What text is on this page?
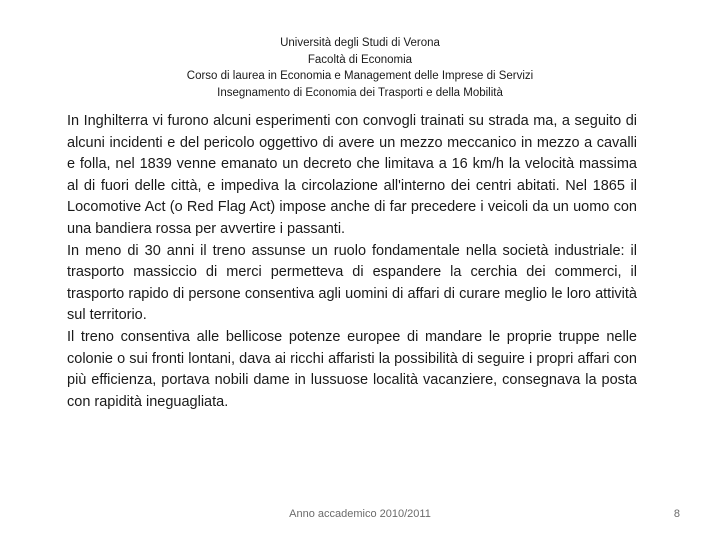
Università degli Studi di Verona
Facoltà di Economia
Corso di laurea in Economia e Management delle Imprese di Servizi
Insegnamento di Economia dei Trasporti e della Mobilità

In Inghilterra vi furono alcuni esperimenti con convogli trainati su strada ma, a seguito di alcuni incidenti e del pericolo oggettivo di avere un mezzo meccanico in mezzo a cavalli e folla, nel 1839 venne emanato un decreto che limitava a 16 km/h la velocità massima al di fuori delle città, e impediva la circolazione all'interno dei centri abitati. Nel 1865 il Locomotive Act (o Red Flag Act) impose anche di far precedere i veicoli da un uomo con una bandiera rossa per avvertire i passanti.

In meno di 30 anni il treno assunse un ruolo fondamentale nella società industriale: il trasporto massiccio di merci permetteva di espandere la cerchia dei commerci, il trasporto rapido di persone consentiva agli uomini di affari di curare meglio le loro attività sul territorio.

Il treno consentiva alle bellicose potenze europee di mandare le proprie truppe nelle colonie o sui fronti lontani, dava ai ricchi affaristi la possibilità di seguire i propri affari con più efficienza, portava nobili dame in lussuose località vacanziere, consegnava la posta con rapidità ineguagliata.

Anno accademico 2010/2011	8
